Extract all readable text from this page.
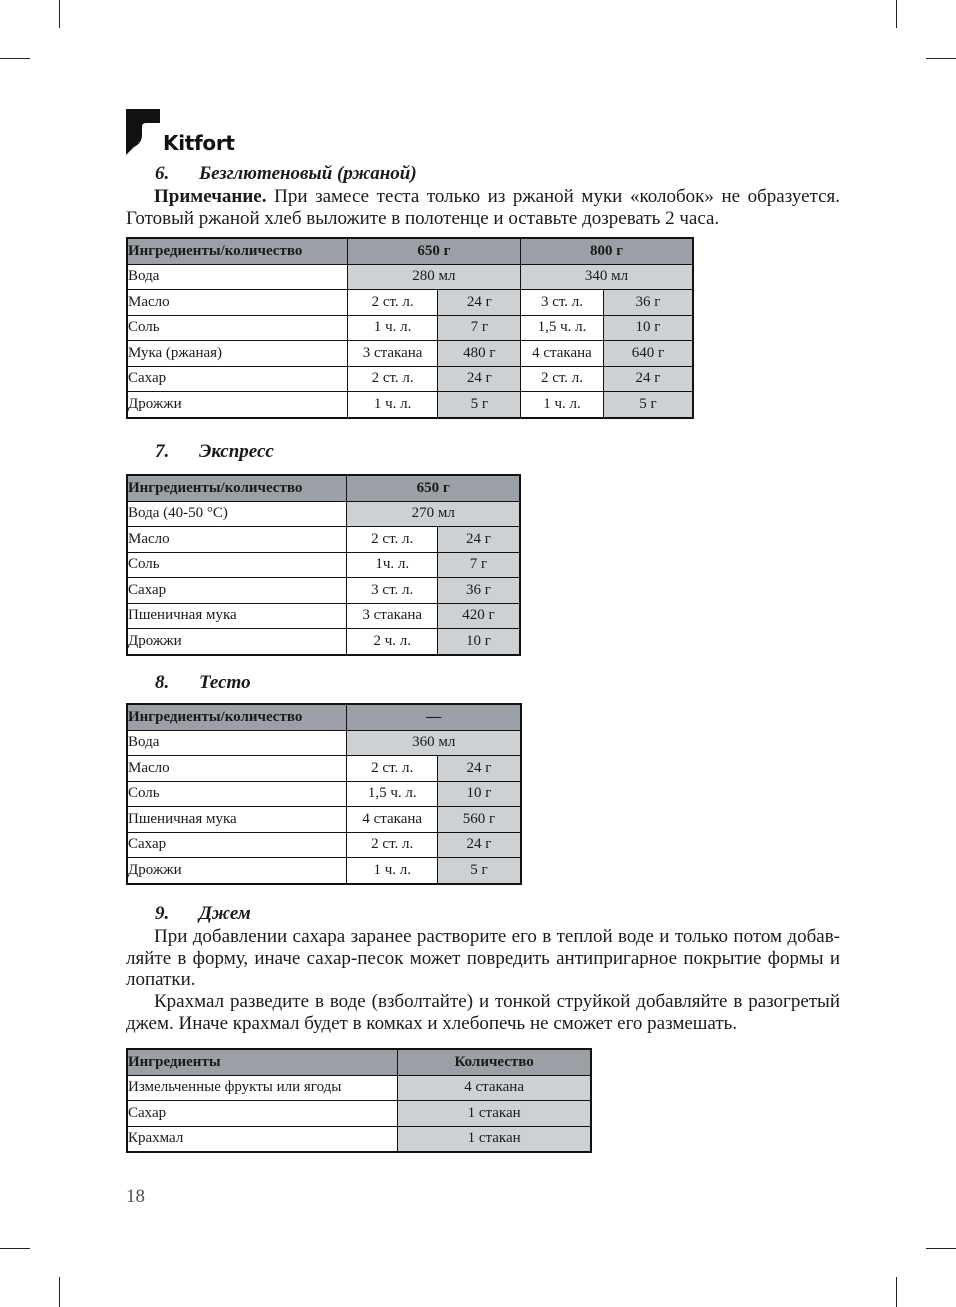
Kitfort
6. Безглютеновый (ржаной)
Примечание. При замесе теста только из ржаной муки «колобок» не образуется. Готовый ржаной хлеб выложите в полотенце и оставьте дозревать 2 часа.
Ингредиенты/количество	650 г		800 г	
Вода	280 мл		340 мл	
Масло	2 ст. л.	24 г	3 ст. л.	36 г
Соль	1 ч. л.	7 г	1,5 ч. л.	10 г
Мука (ржаная)	3 стакана	480 г	4 стакана	640 г
Сахар	2 ст. л.	24 г	2 ст. л.	24 г
Дрожжи	1 ч. л.	5 г	1 ч. л.	5 г
7. Экспресс
Ингредиенты/количество	650 г	
Вода (40-50 °C)	270 мл	
Масло	2 ст. л.	24 г
Соль	1ч. л.	7 г
Сахар	3 ст. л.	36 г
Пшеничная мука	3 стакана	420 г
Дрожжи	2 ч. л.	10 г
8. Тесто
Ингредиенты/количество	—	
Вода	360 мл	
Масло	2 ст. л.	24 г
Соль	1,5 ч. л.	10 г
Пшеничная мука	4 стакана	560 г
Сахар	2 ст. л.	24 г
Дрожжи	1 ч. л.	5 г
9. Джем
При добавлении сахара заранее растворите его в теплой воде и только потом добав-ляйте в форму, иначе сахар-песок может повредить антипригарное покрытие формы и лопатки.
Крахмал разведите в воде (взболтайте) и тонкой струйкой добавляйте в разогретый джем. Иначе крахмал будет в комках и хлебопечь не сможет его размешать.
Ингредиенты	Количество
Измельченные фрукты или ягоды	4 стакана
Сахар	1 стакан
Крахмал	1 стакан
18
